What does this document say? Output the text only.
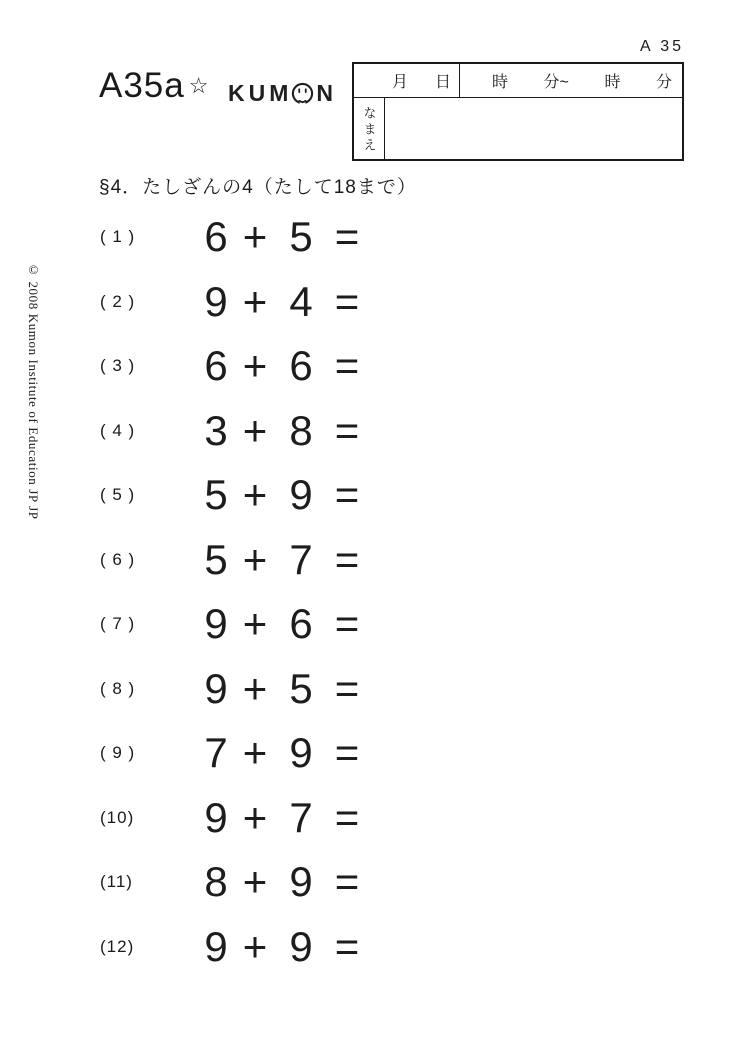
A 35
A35a ☆ KUM N	月 日	時 分~ 時 分
なまえ
§4．たしざんの4（たして18まで）
( 1 )	6 + 5 =
( 2 )	9 + 4 =
( 3 )	6 + 6 =
( 4 )	3 + 8 =
( 5 )	5 + 9 =
( 6 )	5 + 7 =
( 7 )	9 + 6 =
( 8 )	9 + 5 =
( 9 )	7 + 9 =
(10)	9 + 7 =
(11)	8 + 9 =
(12)	9 + 9 =
© 2008 Kumon Institute of Education JP JP
